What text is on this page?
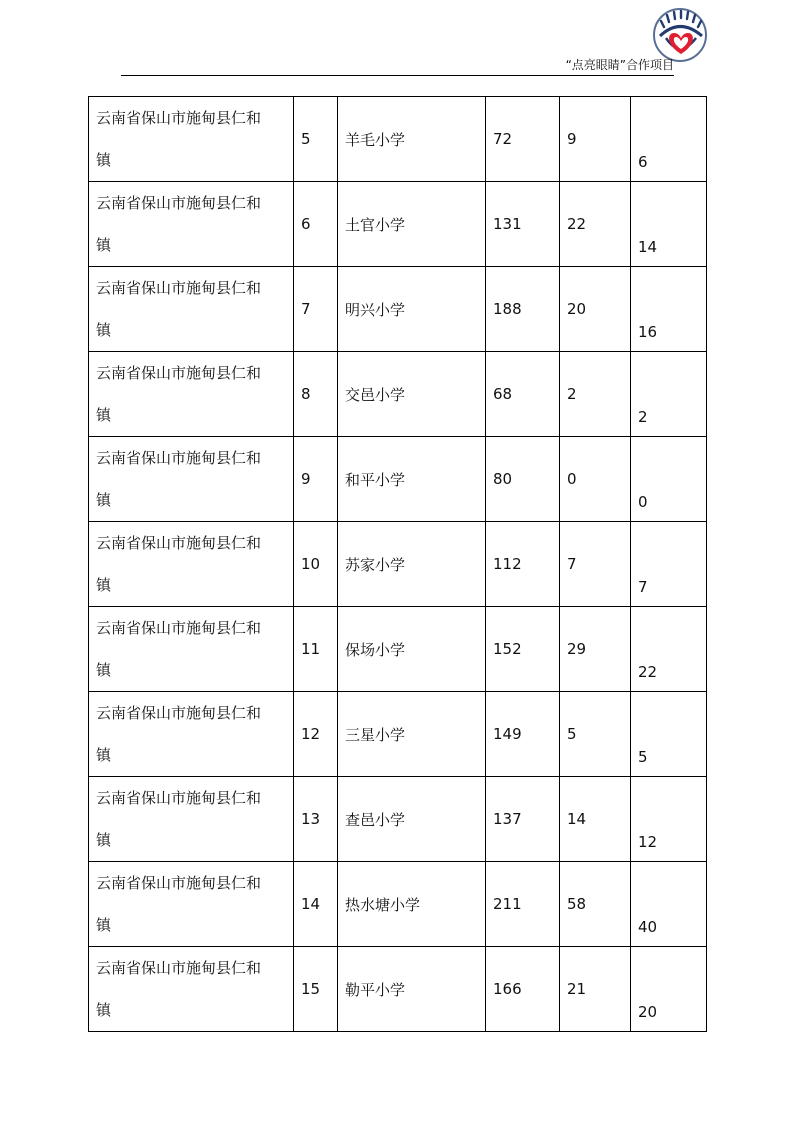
“点亮眼睛”合作项目
云南省保山市施甸县仁和
镇	5	羊毛小学	72	9	6

云南省保山市施甸县仁和
镇	6	土官小学	131	22	14

云南省保山市施甸县仁和
镇	7	明兴小学	188	20	16

云南省保山市施甸县仁和
镇	8	交邑小学	68	2	2

云南省保山市施甸县仁和
镇	9	和平小学	80	0	0

云南省保山市施甸县仁和
镇	10	苏家小学	112	7	7

云南省保山市施甸县仁和
镇	11	保场小学	152	29	22

云南省保山市施甸县仁和
镇	12	三星小学	149	5	5

云南省保山市施甸县仁和
镇	13	查邑小学	137	14	12

云南省保山市施甸县仁和
镇	14	热水塘小学	211	58	40

云南省保山市施甸县仁和
镇	15	勒平小学	166	21	20
